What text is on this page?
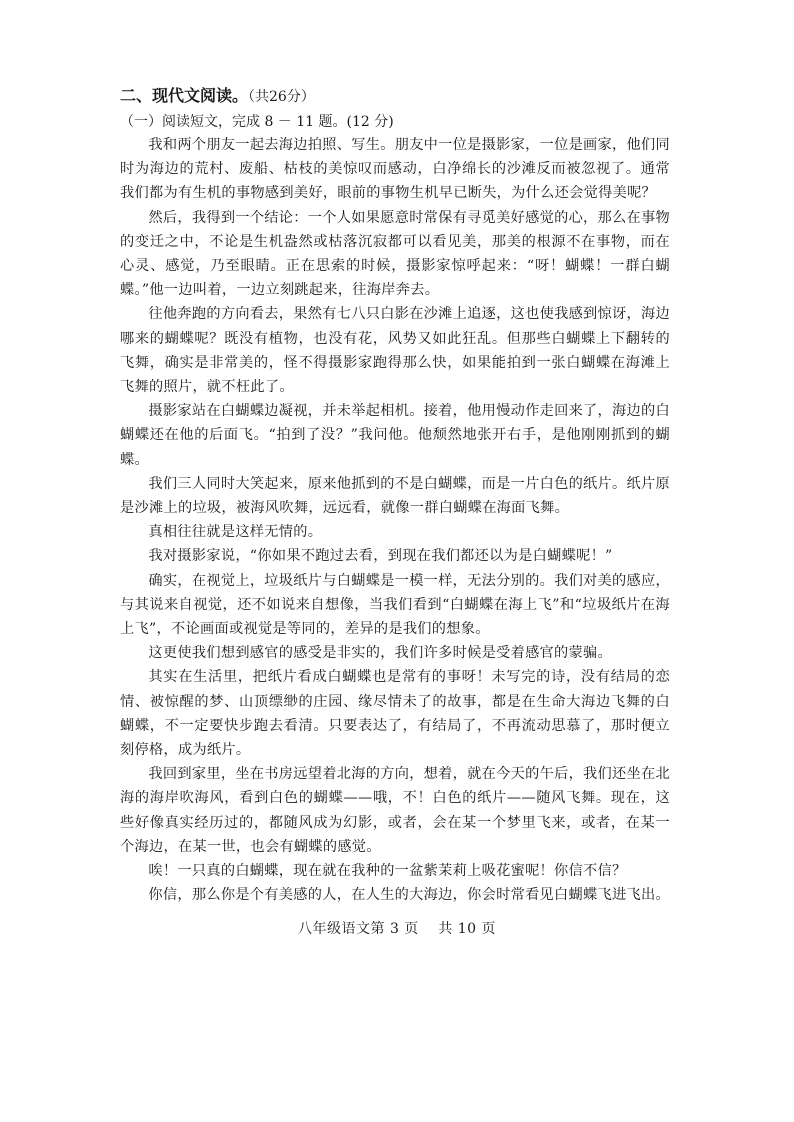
二、现代文阅读。（共26分）

（一）阅读短文，完成 8 － 11 题。(12 分)

我和两个朋友一起去海边拍照、写生。朋友中一位是摄影家，一位是画家，他们同时为海边的荒村、废船、枯枝的美惊叹而感动，白净绵长的沙滩反而被忽视了。通常我们都为有生机的事物感到美好，眼前的事物生机早已断失，为什么还会觉得美呢？

然后，我得到一个结论：一个人如果愿意时常保有寻觅美好感觉的心，那么在事物的变迁之中，不论是生机盎然或枯落沉寂都可以看见美，那美的根源不在事物，而在心灵、感觉，乃至眼睛。正在思索的时候，摄影家惊呼起来：“呀！蝴蝶！一群白蝴蝶。”他一边叫着，一边立刻跳起来，往海岸奔去。

往他奔跑的方向看去，果然有七八只白影在沙滩上追逐，这也使我感到惊讶，海边哪来的蝴蝶呢？既没有植物，也没有花，风势又如此狂乱。但那些白蝴蝶上下翻转的飞舞，确实是非常美的，怪不得摄影家跑得那么快，如果能拍到一张白蝴蝶在海滩上飞舞的照片，就不枉此了。

摄影家站在白蝴蝶边凝视，并未举起相机。接着，他用慢动作走回来了，海边的白蝴蝶还在他的后面飞。“拍到了没？”我问他。他颓然地张开右手，是他刚刚抓到的蝴蝶。

我们三人同时大笑起来，原来他抓到的不是白蝴蝶，而是一片白色的纸片。纸片原是沙滩上的垃圾，被海风吹舞，远远看，就像一群白蝴蝶在海面飞舞。

真相往往就是这样无情的。

我对摄影家说，“你如果不跑过去看，到现在我们都还以为是白蝴蝶呢！”

确实，在视觉上，垃圾纸片与白蝴蝶是一模一样，无法分别的。我们对美的感应，与其说来自视觉，还不如说来自想像，当我们看到“白蝴蝶在海上飞”和“垃圾纸片在海上飞”，不论画面或视觉是等同的，差异的是我们的想象。

这更使我们想到感官的感受是非实的，我们许多时候是受着感官的蒙骗。

其实在生活里，把纸片看成白蝴蝶也是常有的事呀！未写完的诗，没有结局的恋情、被惊醒的梦、山顶缥缈的庄园、缘尽情未了的故事，都是在生命大海边飞舞的白蝴蝶，不一定要快步跑去看清。只要表达了，有结局了，不再流动思慕了，那时便立刻停格，成为纸片。

我回到家里，坐在书房远望着北海的方向，想着，就在今天的午后，我们还坐在北海的海岸吹海风，看到白色的蝴蝶——哦，不！白色的纸片——随风飞舞。现在，这些好像真实经历过的，都随风成为幻影，或者，会在某一个梦里飞来，或者，在某一个海边，在某一世，也会有蝴蝶的感觉。

唉！一只真的白蝴蝶，现在就在我种的一盆紫茉莉上吸花蜜呢！你信不信？

你信，那么你是个有美感的人，在人生的大海边，你会时常看见白蝴蝶飞进飞出。

八年级语文第 3 页　 共 10 页
